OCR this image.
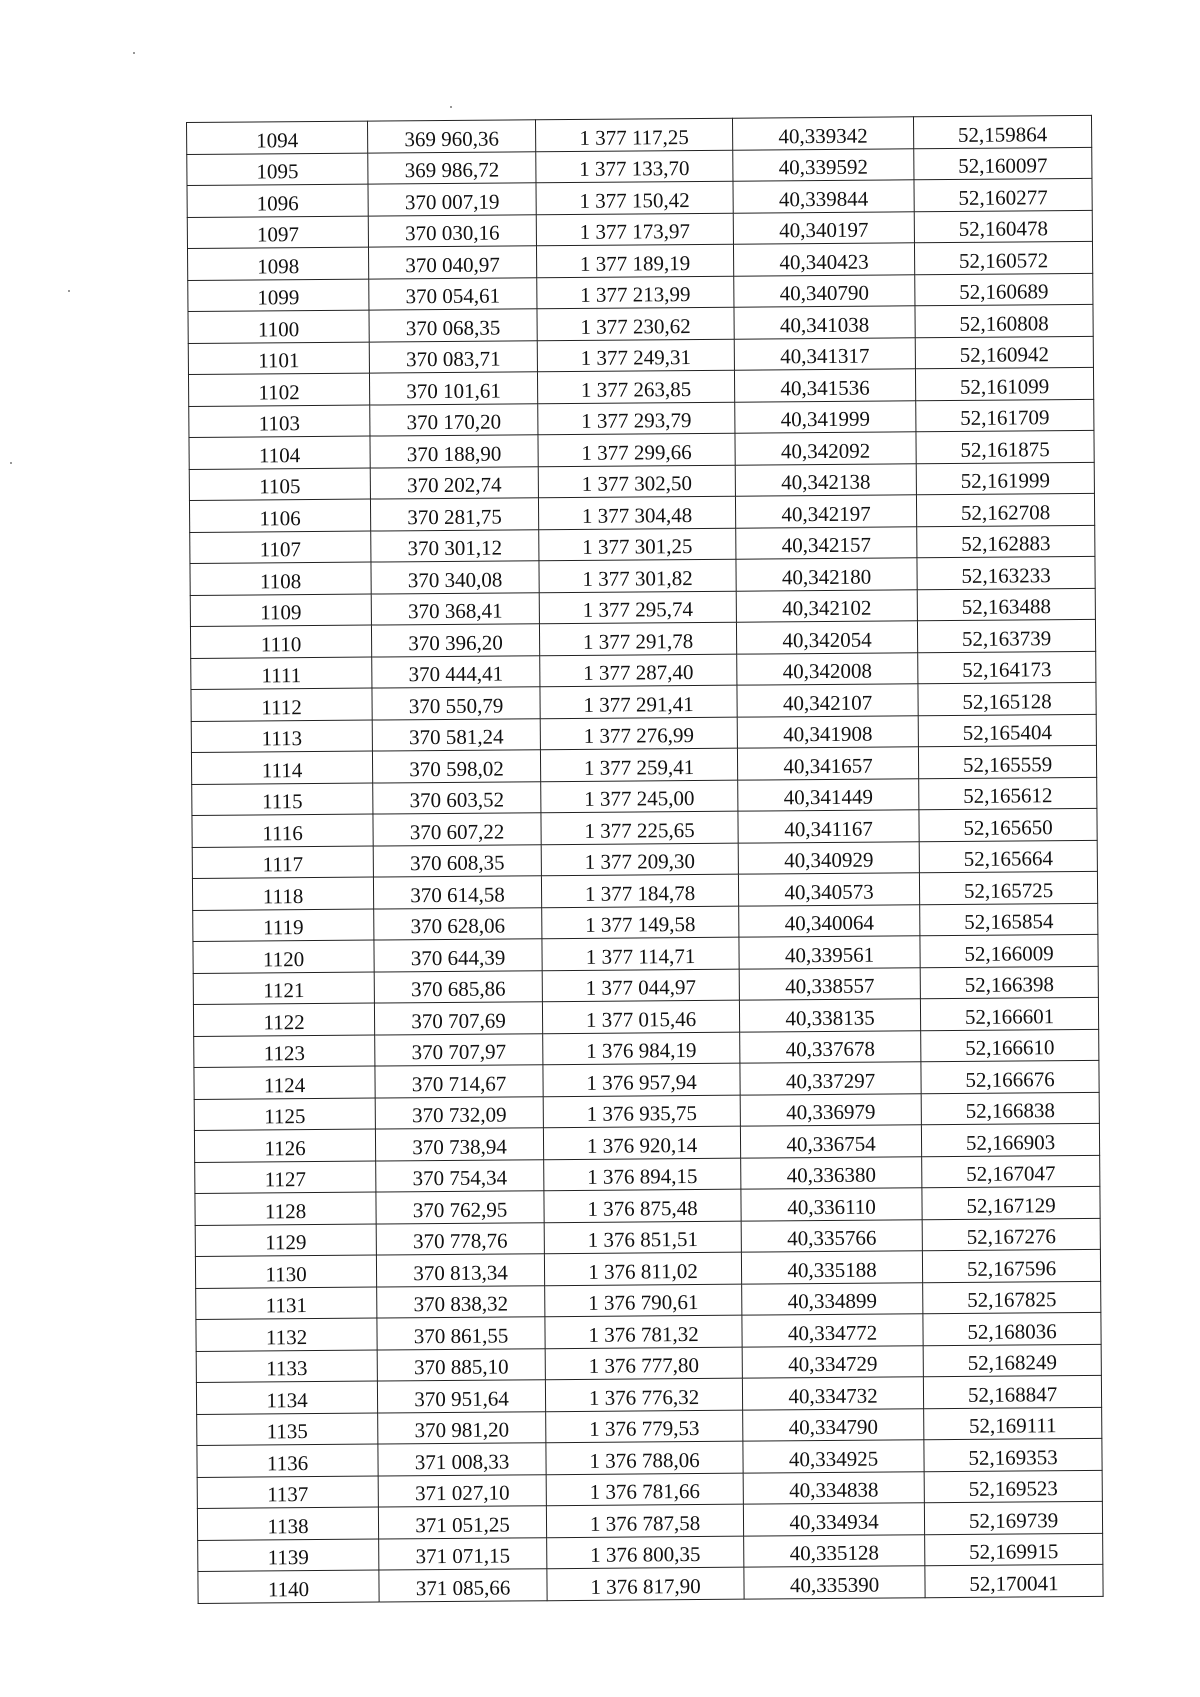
1094	369 960,36	1 377 117,25	40,339342	52,159864
1095	369 986,72	1 377 133,70	40,339592	52,160097
1096	370 007,19	1 377 150,42	40,339844	52,160277
1097	370 030,16	1 377 173,97	40,340197	52,160478
1098	370 040,97	1 377 189,19	40,340423	52,160572
1099	370 054,61	1 377 213,99	40,340790	52,160689
1100	370 068,35	1 377 230,62	40,341038	52,160808
1101	370 083,71	1 377 249,31	40,341317	52,160942
1102	370 101,61	1 377 263,85	40,341536	52,161099
1103	370 170,20	1 377 293,79	40,341999	52,161709
1104	370 188,90	1 377 299,66	40,342092	52,161875
1105	370 202,74	1 377 302,50	40,342138	52,161999
1106	370 281,75	1 377 304,48	40,342197	52,162708
1107	370 301,12	1 377 301,25	40,342157	52,162883
1108	370 340,08	1 377 301,82	40,342180	52,163233
1109	370 368,41	1 377 295,74	40,342102	52,163488
1110	370 396,20	1 377 291,78	40,342054	52,163739
1111	370 444,41	1 377 287,40	40,342008	52,164173
1112	370 550,79	1 377 291,41	40,342107	52,165128
1113	370 581,24	1 377 276,99	40,341908	52,165404
1114	370 598,02	1 377 259,41	40,341657	52,165559
1115	370 603,52	1 377 245,00	40,341449	52,165612
1116	370 607,22	1 377 225,65	40,341167	52,165650
1117	370 608,35	1 377 209,30	40,340929	52,165664
1118	370 614,58	1 377 184,78	40,340573	52,165725
1119	370 628,06	1 377 149,58	40,340064	52,165854
1120	370 644,39	1 377 114,71	40,339561	52,166009
1121	370 685,86	1 377 044,97	40,338557	52,166398
1122	370 707,69	1 377 015,46	40,338135	52,166601
1123	370 707,97	1 376 984,19	40,337678	52,166610
1124	370 714,67	1 376 957,94	40,337297	52,166676
1125	370 732,09	1 376 935,75	40,336979	52,166838
1126	370 738,94	1 376 920,14	40,336754	52,166903
1127	370 754,34	1 376 894,15	40,336380	52,167047
1128	370 762,95	1 376 875,48	40,336110	52,167129
1129	370 778,76	1 376 851,51	40,335766	52,167276
1130	370 813,34	1 376 811,02	40,335188	52,167596
1131	370 838,32	1 376 790,61	40,334899	52,167825
1132	370 861,55	1 376 781,32	40,334772	52,168036
1133	370 885,10	1 376 777,80	40,334729	52,168249
1134	370 951,64	1 376 776,32	40,334732	52,168847
1135	370 981,20	1 376 779,53	40,334790	52,169111
1136	371 008,33	1 376 788,06	40,334925	52,169353
1137	371 027,10	1 376 781,66	40,334838	52,169523
1138	371 051,25	1 376 787,58	40,334934	52,169739
1139	371 071,15	1 376 800,35	40,335128	52,169915
1140	371 085,66	1 376 817,90	40,335390	52,170041
